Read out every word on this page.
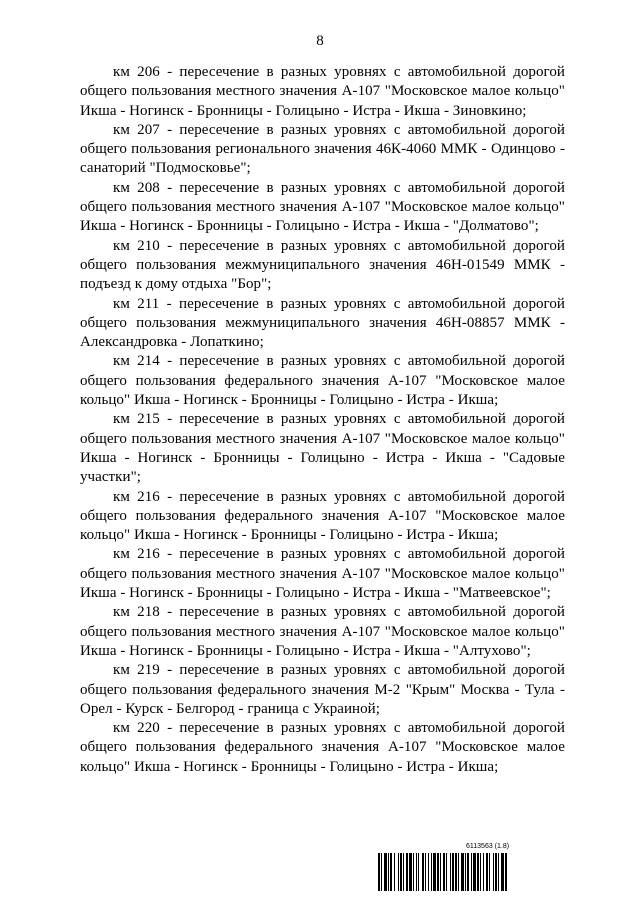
8

км 206 - пересечение в разных уровнях с автомобильной дорогой общего пользования местного значения А-107 "Московское малое кольцо" Икша - Ногинск - Бронницы - Голицыно - Истра - Икша - Зиновкино;

км 207 - пересечение в разных уровнях с автомобильной дорогой общего пользования регионального значения 46К-4060 ММК - Одинцово - санаторий "Подмосковье";

км 208 - пересечение в разных уровнях с автомобильной дорогой общего пользования местного значения А-107 "Московское малое кольцо" Икша - Ногинск - Бронницы - Голицыно - Истра - Икша - "Долматово";

км 210 - пересечение в разных уровнях с автомобильной дорогой общего пользования межмуниципального значения 46Н-01549 ММК - подъезд к дому отдыха "Бор";

км 211 - пересечение в разных уровнях с автомобильной дорогой общего пользования межмуниципального значения 46Н-08857 ММК - Александровка - Лопаткино;

км 214 - пересечение в разных уровнях с автомобильной дорогой общего пользования федерального значения А-107 "Московское малое кольцо" Икша - Ногинск - Бронницы - Голицыно - Истра - Икша;

км 215 - пересечение в разных уровнях с автомобильной дорогой общего пользования местного значения А-107 "Московское малое кольцо" Икша - Ногинск - Бронницы - Голицыно - Истра - Икша - "Садовые участки";

км 216 - пересечение в разных уровнях с автомобильной дорогой общего пользования федерального значения А-107 "Московское малое кольцо" Икша - Ногинск - Бронницы - Голицыно - Истра - Икша;

км 216 - пересечение в разных уровнях с автомобильной дорогой общего пользования местного значения А-107 "Московское малое кольцо" Икша - Ногинск - Бронницы - Голицыно - Истра - Икша - "Матвеевское";

км 218 - пересечение в разных уровнях с автомобильной дорогой общего пользования местного значения А-107 "Московское малое кольцо" Икша - Ногинск - Бронницы - Голицыно - Истра - Икша - "Алтухово";

км 219 - пересечение в разных уровнях с автомобильной дорогой общего пользования федерального значения М-2 "Крым" Москва - Тула - Орел - Курск - Белгород - граница с Украиной;

км 220 - пересечение в разных уровнях с автомобильной дорогой общего пользования федерального значения А-107 "Московское малое кольцо" Икша - Ногинск - Бронницы - Голицыно - Истра - Икша;

6113563 (1.8)
